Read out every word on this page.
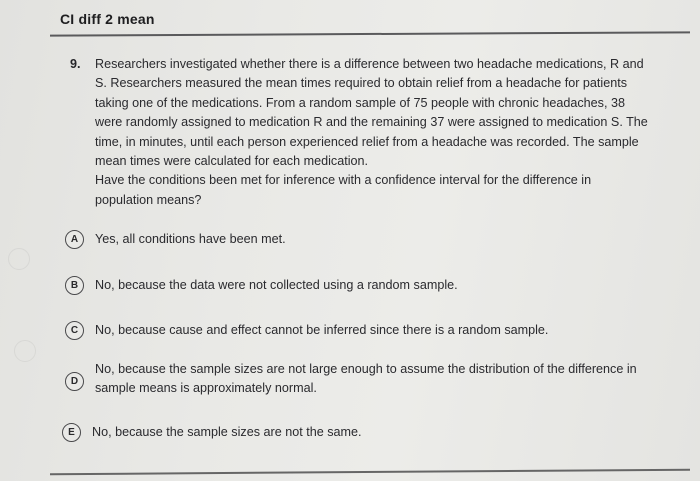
CI diff 2 mean
9. Researchers investigated whether there is a difference between two headache medications, R and
S. Researchers measured the mean times required to obtain relief from a headache for patients
taking one of the medications. From a random sample of 75 people with chronic headaches, 38
were randomly assigned to medication R and the remaining 37 were assigned to medication S. The
time, in minutes, until each person experienced relief from a headache was recorded. The sample
mean times were calculated for each medication.
Have the conditions been met for inference with a confidence interval for the difference in
population means?
A	Yes, all conditions have been met.
B	No, because the data were not collected using a random sample.
C	No, because cause and effect cannot be inferred since there is a random sample.
D
No, because the sample sizes are not large enough to assume the distribution of the difference in
sample means is approximately normal.
E	No, because the sample sizes are not the same.
